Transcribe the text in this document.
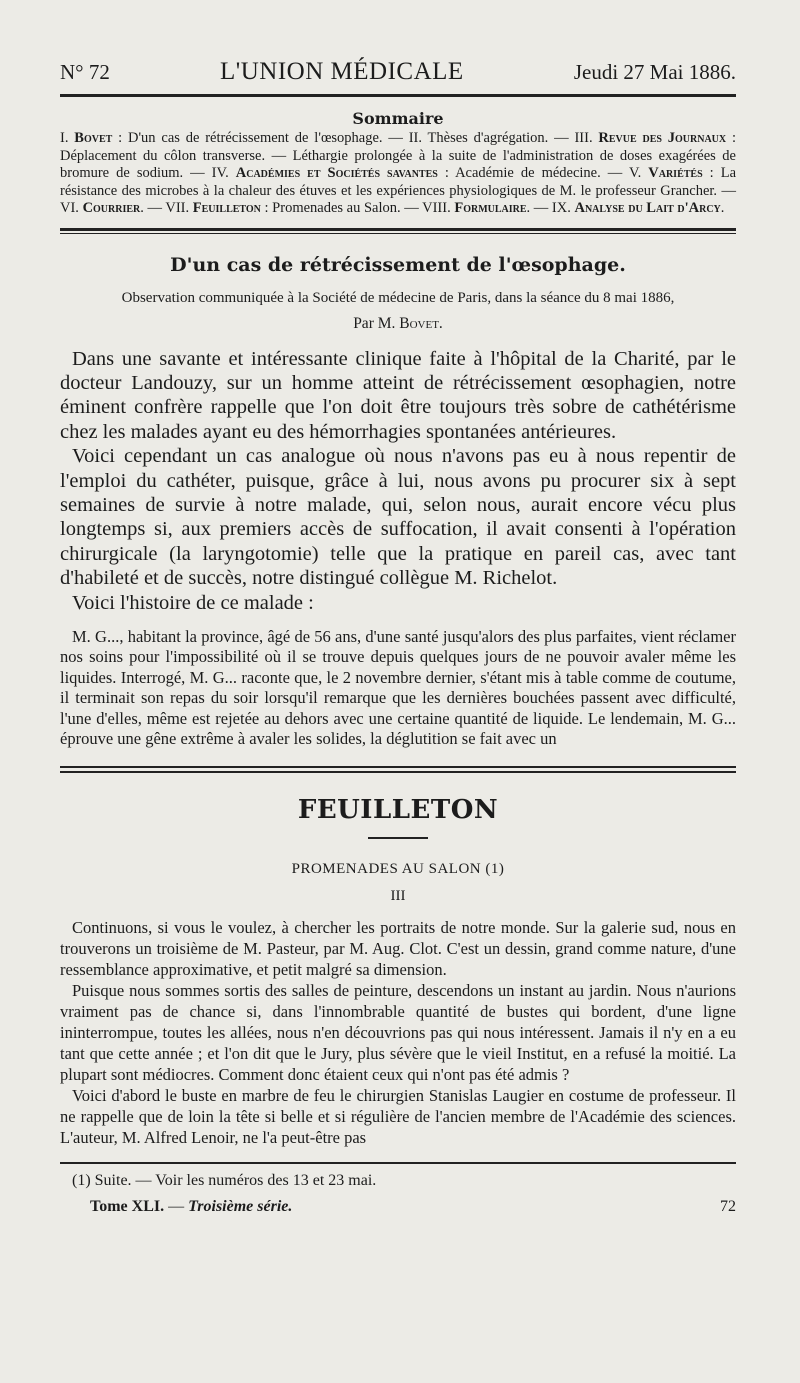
N° 72	L'UNION MÉDICALE	Jeudi 27 Mai 1886.
Sommaire
I. Bovet : D'un cas de rétrécissement de l'œsophage. — II. Thèses d'agrégation. — III. Revue des Journaux : Déplacement du côlon transverse. — Léthargie prolongée à la suite de l'administration de doses exagérées de bromure de sodium. — IV. Académies et Sociétés savantes : Académie de médecine. — V. Variétés : La résistance des microbes à la chaleur des étuves et les expériences physiologiques de M. le professeur Grancher. — VI. Courrier. — VII. Feuilleton : Promenades au Salon. — VIII. Formulaire. — IX. Analyse du Lait d'Arcy.
D'un cas de rétrécissement de l'œsophage.
Observation communiquée à la Société de médecine de Paris, dans la séance du 8 mai 1886,
Par M. Bovet.

Dans une savante et intéressante clinique faite à l'hôpital de la Charité, par le docteur Landouzy, sur un homme atteint de rétrécissement œsophagien, notre éminent confrère rappelle que l'on doit être toujours très sobre de cathétérisme chez les malades ayant eu des hémorrhagies spontanées antérieures.

Voici cependant un cas analogue où nous n'avons pas eu à nous repentir de l'emploi du cathéter, puisque, grâce à lui, nous avons pu procurer six à sept semaines de survie à notre malade, qui, selon nous, aurait encore vécu plus longtemps si, aux premiers accès de suffocation, il avait consenti à l'opération chirurgicale (la laryngotomie) telle que la pratique en pareil cas, avec tant d'habileté et de succès, notre distingué collègue M. Richelot.

Voici l'histoire de ce malade :

M. G..., habitant la province, âgé de 56 ans, d'une santé jusqu'alors des plus parfaites, vient réclamer nos soins pour l'impossibilité où il se trouve depuis quelques jours de ne pouvoir avaler même les liquides. Interrogé, M. G... raconte que, le 2 novembre dernier, s'étant mis à table comme de coutume, il terminait son repas du soir lorsqu'il remarque que les dernières bouchées passent avec difficulté, l'une d'elles, même est rejetée au dehors avec une certaine quantité de liquide. Le lendemain, M. G... éprouve une gêne extrême à avaler les solides, la déglutition se fait avec un

FEUILLETON
PROMENADES AU SALON (1)
III

Continuons, si vous le voulez, à chercher les portraits de notre monde. Sur la galerie sud, nous en trouverons un troisième de M. Pasteur, par M. Aug. Clot. C'est un dessin, grand comme nature, d'une ressemblance approximative, et petit malgré sa dimension.

Puisque nous sommes sortis des salles de peinture, descendons un instant au jardin. Nous n'aurions vraiment pas de chance si, dans l'innombrable quantité de bustes qui bordent, d'une ligne ininterrompue, toutes les allées, nous n'en découvrions pas qui nous intéressent. Jamais il n'y en a eu tant que cette année ; et l'on dit que le Jury, plus sévère que le vieil Institut, en a refusé la moitié. La plupart sont médiocres. Comment donc étaient ceux qui n'ont pas été admis ?

Voici d'abord le buste en marbre de feu le chirurgien Stanislas Laugier en costume de professeur. Il ne rappelle que de loin la tête si belle et si régulière de l'ancien membre de l'Académie des sciences. L'auteur, M. Alfred Lenoir, ne l'a peut-être pas

(1) Suite. — Voir les numéros des 13 et 23 mai.
Tome XLI. — Troisième série.	72
